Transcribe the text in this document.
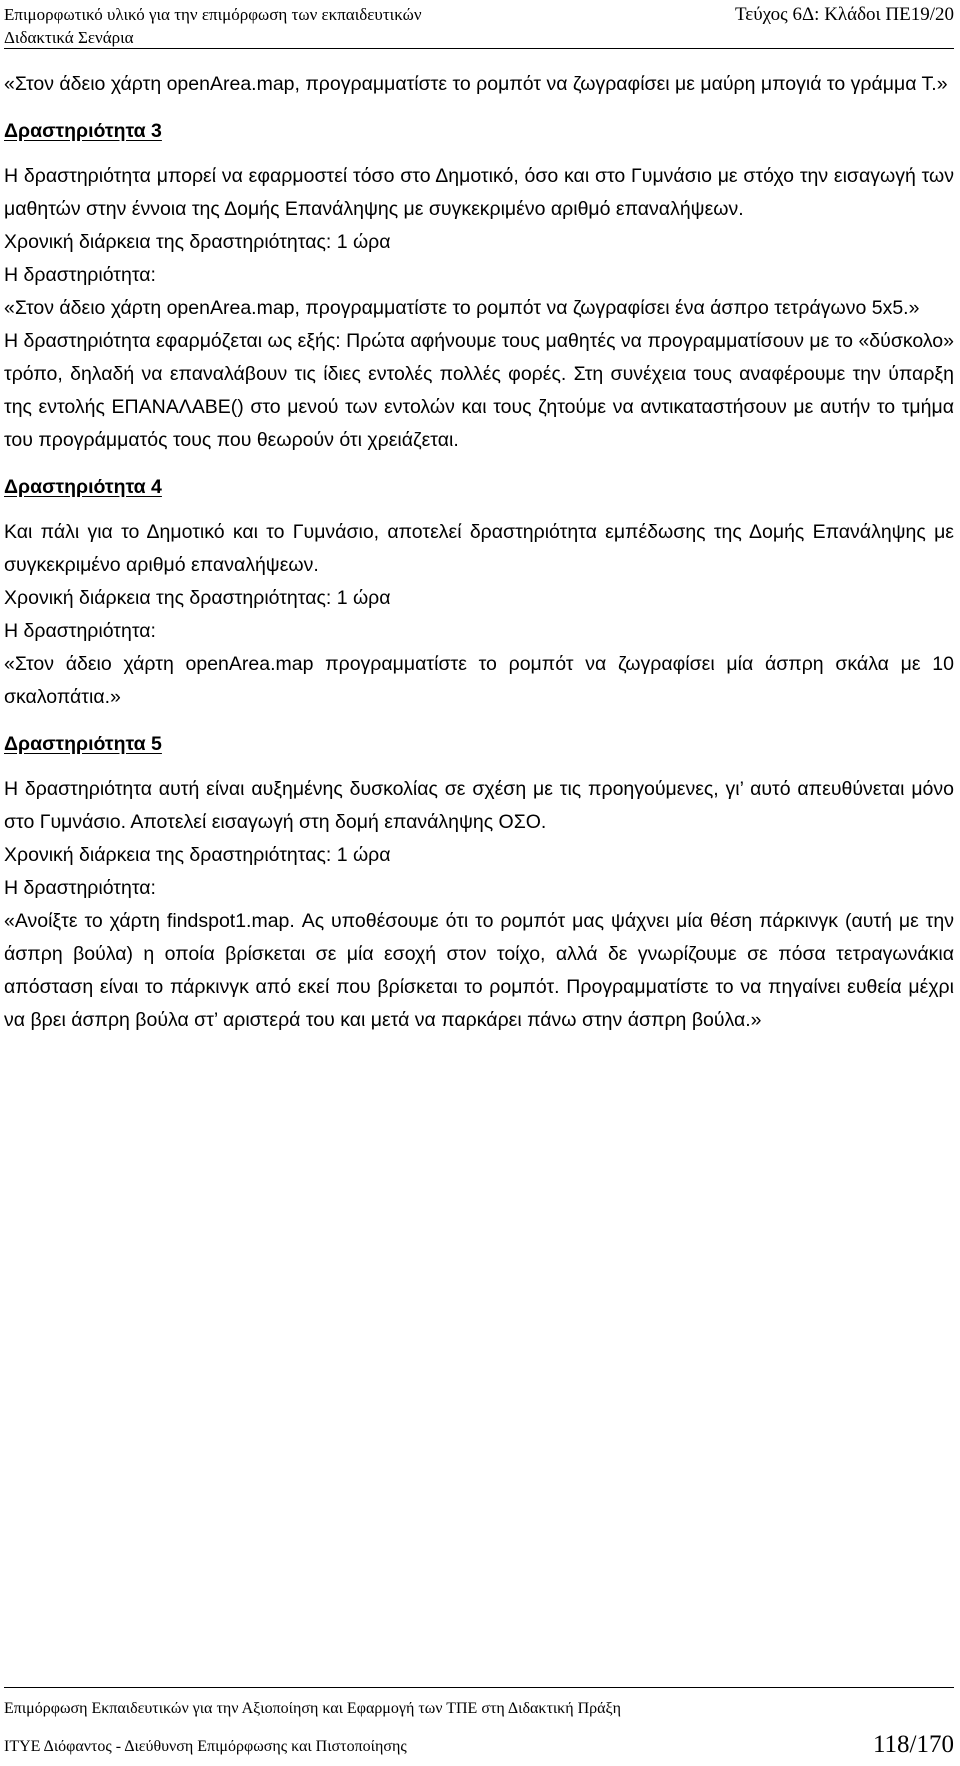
Επιμορφωτικό υλικό για την επιμόρφωση των εκπαιδευτικών
Διδακτικά Σενάρια
Τεύχος 6Δ: Κλάδοι ΠΕ19/20

«Στον άδειο χάρτη openArea.map, προγραμματίστε το ρομπότ να ζωγραφίσει με μαύρη μπογιά το γράμμα Τ.»

Δραστηριότητα 3

Η δραστηριότητα μπορεί να εφαρμοστεί τόσο στο Δημοτικό, όσο και στο Γυμνάσιο με στόχο την εισαγωγή των μαθητών στην έννοια της Δομής Επανάληψης με συγκεκριμένο αριθμό επαναλήψεων.

Χρονική διάρκεια της δραστηριότητας: 1 ώρα

Η δραστηριότητα:

«Στον άδειο χάρτη openArea.map, προγραμματίστε το ρομπότ να ζωγραφίσει ένα άσπρο τετράγωνο 5x5.»

Η δραστηριότητα εφαρμόζεται ως εξής: Πρώτα αφήνουμε τους μαθητές να προγραμματίσουν με το «δύσκολο» τρόπο, δηλαδή να επαναλάβουν τις ίδιες εντολές πολλές φορές. Στη συνέχεια τους αναφέρουμε την ύπαρξη της εντολής ΕΠΑΝΑΛΑΒΕ() στο μενού των εντολών και τους ζητούμε να αντικαταστήσουν με αυτήν το τμήμα του προγράμματός τους που θεωρούν ότι χρειάζεται.

Δραστηριότητα 4

Και πάλι για το Δημοτικό και το Γυμνάσιο, αποτελεί δραστηριότητα εμπέδωσης της Δομής Επανάληψης με συγκεκριμένο αριθμό επαναλήψεων.

Χρονική διάρκεια της δραστηριότητας: 1 ώρα

Η δραστηριότητα:

«Στον άδειο χάρτη openArea.map προγραμματίστε το ρομπότ να ζωγραφίσει μία άσπρη σκάλα με 10 σκαλοπάτια.»

Δραστηριότητα 5

Η δραστηριότητα αυτή είναι αυξημένης δυσκολίας σε σχέση με τις προηγούμενες, γι’ αυτό απευθύνεται μόνο στο Γυμνάσιο. Αποτελεί εισαγωγή στη δομή επανάληψης ΟΣΟ.

Χρονική διάρκεια της δραστηριότητας: 1 ώρα

Η δραστηριότητα:

«Ανοίξτε το χάρτη findspot1.map. Ας υποθέσουμε ότι το ρομπότ μας ψάχνει μία θέση πάρκινγκ (αυτή με την άσπρη βούλα) η οποία βρίσκεται σε μία εσοχή στον τοίχο, αλλά δε γνωρίζουμε σε πόσα τετραγωνάκια απόσταση είναι το πάρκινγκ από εκεί που βρίσκεται το ρομπότ. Προγραμματίστε το να πηγαίνει ευθεία μέχρι να βρει άσπρη βούλα στ’ αριστερά του και μετά να παρκάρει πάνω στην άσπρη βούλα.»

Επιμόρφωση Εκπαιδευτικών για την Αξιοποίηση και Εφαρμογή των ΤΠΕ στη Διδακτική Πράξη
ΙΤΥΕ Διόφαντος - Διεύθυνση Επιμόρφωσης και Πιστοποίησης	118/170
